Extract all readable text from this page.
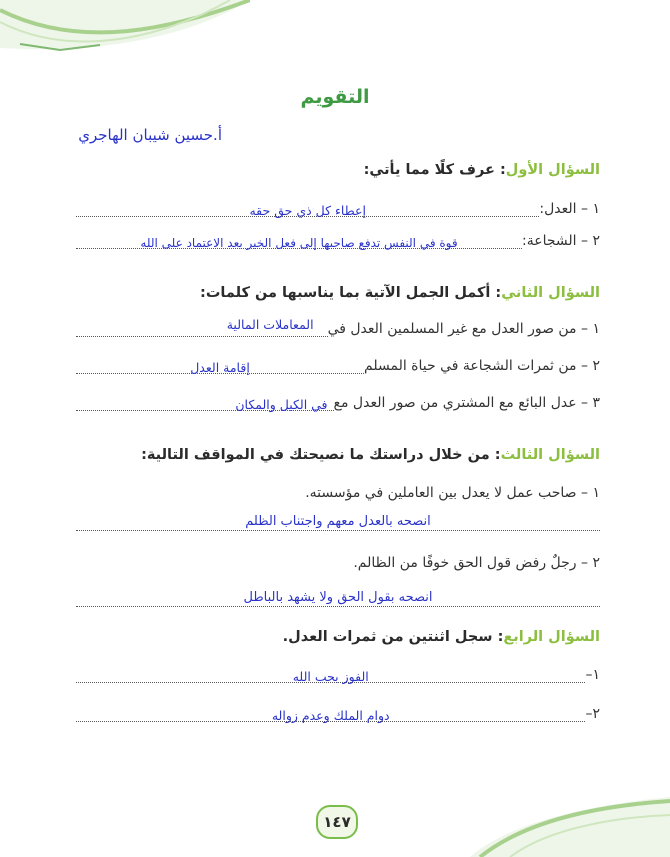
التقويم
أ.حسين شيبان الهاجري
السؤال الأول: عرف كلًا مما يأتي:
١ – العدل:
إعطاء كل ذي حق حقه
٢ – الشجاعة:
قوة في النفس تدفع صاحبها إلى فعل الخير بعد الاعتماد على الله
السؤال الثاني: أكمل الجمل الآتية بما يناسبها من كلمات:
١ – من صور العدل مع غير المسلمين العدل في
المعاملات المالية
٢ – من ثمرات الشجاعة في حياة المسلم
إقامة العدل
٣ – عدل البائع مع المشتري من صور العدل مع
في الكيل والمكان
السؤال الثالث: من خلال دراستك ما نصيحتك في المواقف التالية:
١ – صاحب عمل لا يعدل بين العاملين في مؤسسته.
انصحه بالعدل معهم واجتناب الظلم
٢ – رجلٌ رفض قول الحق خوفًا من الظالم.
انصحه بقول الحق ولا يشهد بالباطل
السؤال الرابع: سجل اثنتين من ثمرات العدل.
١–
الفوز بحب الله
٢–
دوام الملك وعدم زواله
١٤٧
